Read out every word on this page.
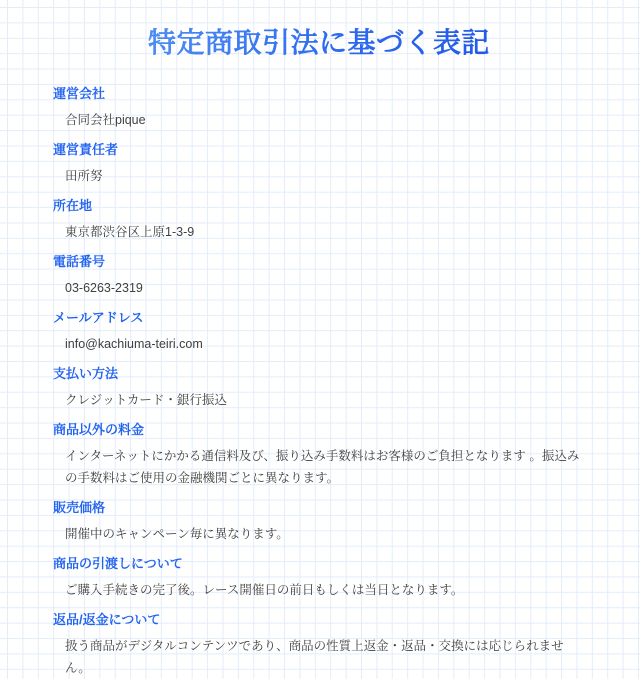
特定商取引法に基づく表記
運営会社

合同会社pique

運営責任者

田所努

所在地

東京都渋谷区上原1-3-9

電話番号

03-6263-2319

メールアドレス

info@kachiuma-teiri.com

支払い方法

クレジットカード・銀行振込

商品以外の料金

インターネットにかかる通信料及び、振り込み手数料はお客様のご負担となります 。振込みの手数料はご使用の金融機関ごとに異なります。

販売価格

開催中のキャンペーン毎に異なります。

商品の引渡しについて

ご購入手続きの完了後。レース開催日の前日もしくは当日となります。

返品/返金について

扱う商品がデジタルコンテンツであり、商品の性質上返金・返品・交換には応じられません。
